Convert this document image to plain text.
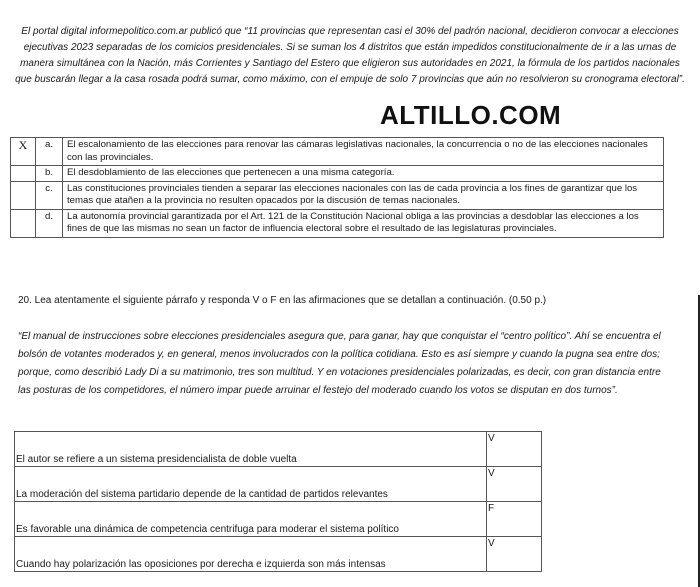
El portal digital informepolitico.com.ar publicó que “11 provincias que representan casi el 30% del padrón nacional, decidieron convocar a elecciones ejecutivas 2023 separadas de los comicios presidenciales. Si se suman los 4 distritos que están impedidos constitucionalmente de ir a las urnas de manera simultánea con la Nación, más Corrientes y Santiago del Estero que eligieron sus autoridades en 2021, la fórmula de los partidos nacionales que buscarán llegar a la casa rosada podrá sumar, como máximo, con el empuje de solo 7 provincias que aún no resolvieron su cronograma electoral”.
ALTILLO.COM
X	a.	El escalonamiento de las elecciones para renovar las cámaras legislativas nacionales, la concurrencia o no de las elecciones nacionales con las provinciales.
	b.	El desdoblamiento de las elecciones que pertenecen a una misma categoría.
	c.	Las constituciones provinciales tienden a separar las elecciones nacionales con las de cada provincia a los fines de garantizar que los temas que atañen a la provincia no resulten opacados por la discusión de temas nacionales.
	d.	La autonomía provincial garantizada por el Art. 121 de la Constitución Nacional obliga a las provincias a desdoblar las elecciones a los fines de que las mismas no sean un factor de influencia electoral sobre el resultado de las legislaturas provinciales.
20. Lea atentamente el siguiente párrafo y responda V o F en las afirmaciones que se detallan a continuación. (0.50 p.)
“El manual de instrucciones sobre elecciones presidenciales asegura que, para ganar, hay que conquistar el “centro político”. Ahí se encuentra el bolsón de votantes moderados y, en general, menos involucrados con la política cotidiana. Esto es así siempre y cuando la pugna sea entre dos; porque, como describió Lady Di a su matrimonio, tres son multitud. Y en votaciones presidenciales polarizadas, es decir, con gran distancia entre las posturas de los competidores, el número impar puede arruinar el festejo del moderado cuando los votos se disputan en dos turnos”.
El autor se refiere a un sistema presidencialista de doble vuelta	V
La moderación del sistema partidario depende de la cantidad de partidos relevantes	V
Es favorable una dinámica de competencia centrifuga para moderar el sistema político	F
Cuando hay polarización las oposiciones por derecha e izquierda son más intensas	V
